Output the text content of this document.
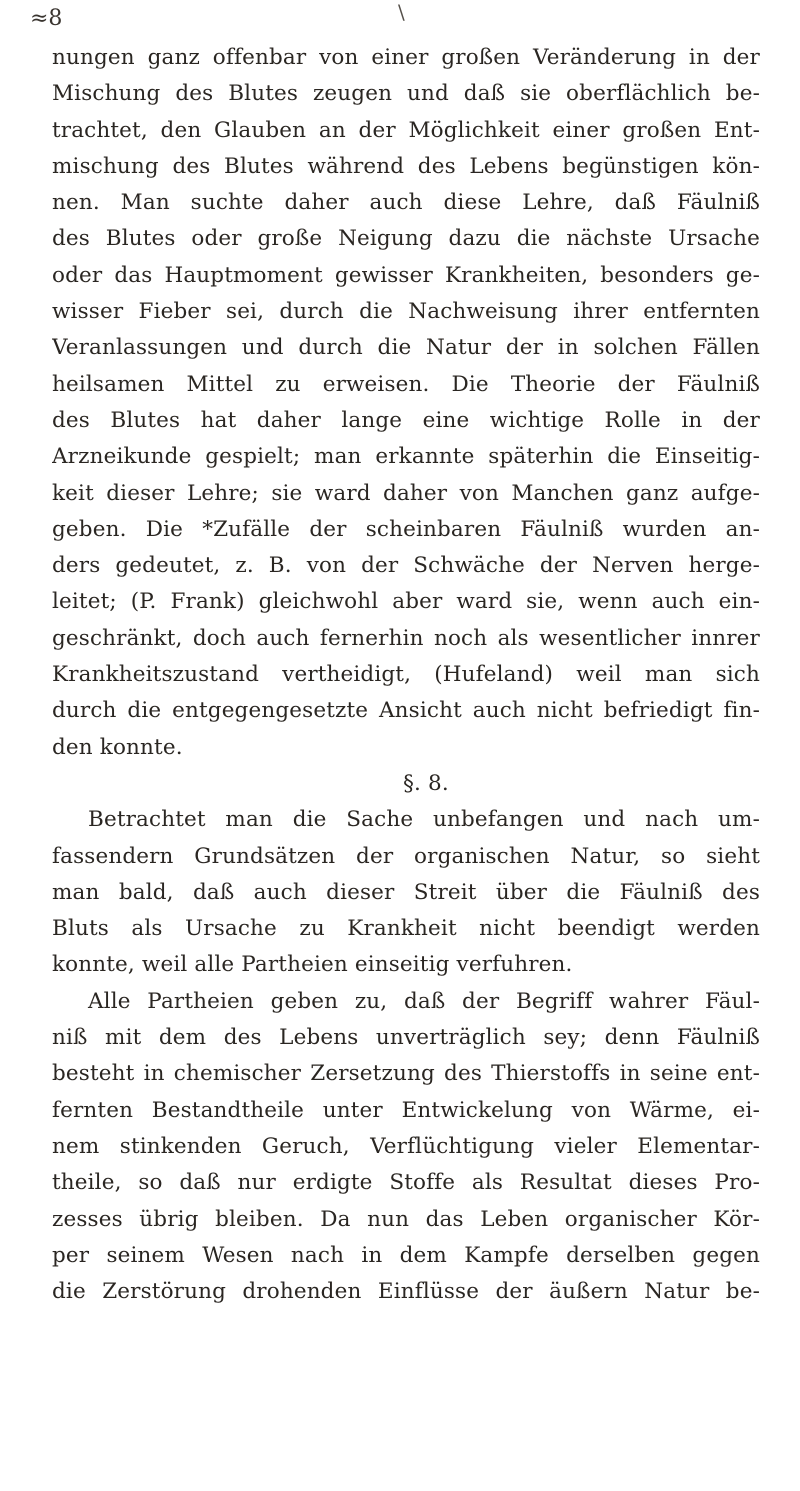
≈8	\
nungen ganz offenbar von einer großen Veränderung in der
Mischung des Blutes zeugen und daß sie oberflächlich be-
trachtet, den Glauben an der Möglichkeit einer großen Ent-
mischung des Blutes während des Lebens begünstigen kön-
nen. Man suchte daher auch diese Lehre, daß Fäulniß
des Blutes oder große Neigung dazu die nächste Ursache
oder das Hauptmoment gewisser Krankheiten, besonders ge-
wisser Fieber sei, durch die Nachweisung ihrer entfernten
Veranlassungen und durch die Natur der in solchen Fällen
heilsamen Mittel zu erweisen. Die Theorie der Fäulniß
des Blutes hat daher lange eine wichtige Rolle in der
Arzneikunde gespielt; man erkannte späterhin die Einseitig-
keit dieser Lehre; sie ward daher von Manchen ganz aufge-
geben. Die *Zufälle der scheinbaren Fäulniß wurden an-
ders gedeutet, z. B. von der Schwäche der Nerven herge-
leitet; (P. Frank) gleichwohl aber ward sie, wenn auch ein-
geschränkt, doch auch fernerhin noch als wesentlicher innrer
Krankheitszustand vertheidigt, (Hufeland) weil man sich
durch die entgegengesetzte Ansicht auch nicht befriedigt fin-
den konnte.
§. 8.
Betrachtet man die Sache unbefangen und nach um-
fassendern Grundsätzen der organischen Natur, so sieht
man bald, daß auch dieser Streit über die Fäulniß des
Bluts als Ursache zu Krankheit nicht beendigt werden
konnte, weil alle Partheien einseitig verfuhren.
Alle Partheien geben zu, daß der Begriff wahrer Fäul-
niß mit dem des Lebens unverträglich sey; denn Fäulniß
besteht in chemischer Zersetzung des Thierstoffs in seine ent-
fernten Bestandtheile unter Entwickelung von Wärme, ei-
nem stinkenden Geruch, Verflüchtigung vieler Elementar-
theile, so daß nur erdigte Stoffe als Resultat dieses Pro-
zesses übrig bleiben. Da nun das Leben organischer Kör-
per seinem Wesen nach in dem Kampfe derselben gegen
die Zerstörung drohenden Einflüsse der äußern Natur be-
